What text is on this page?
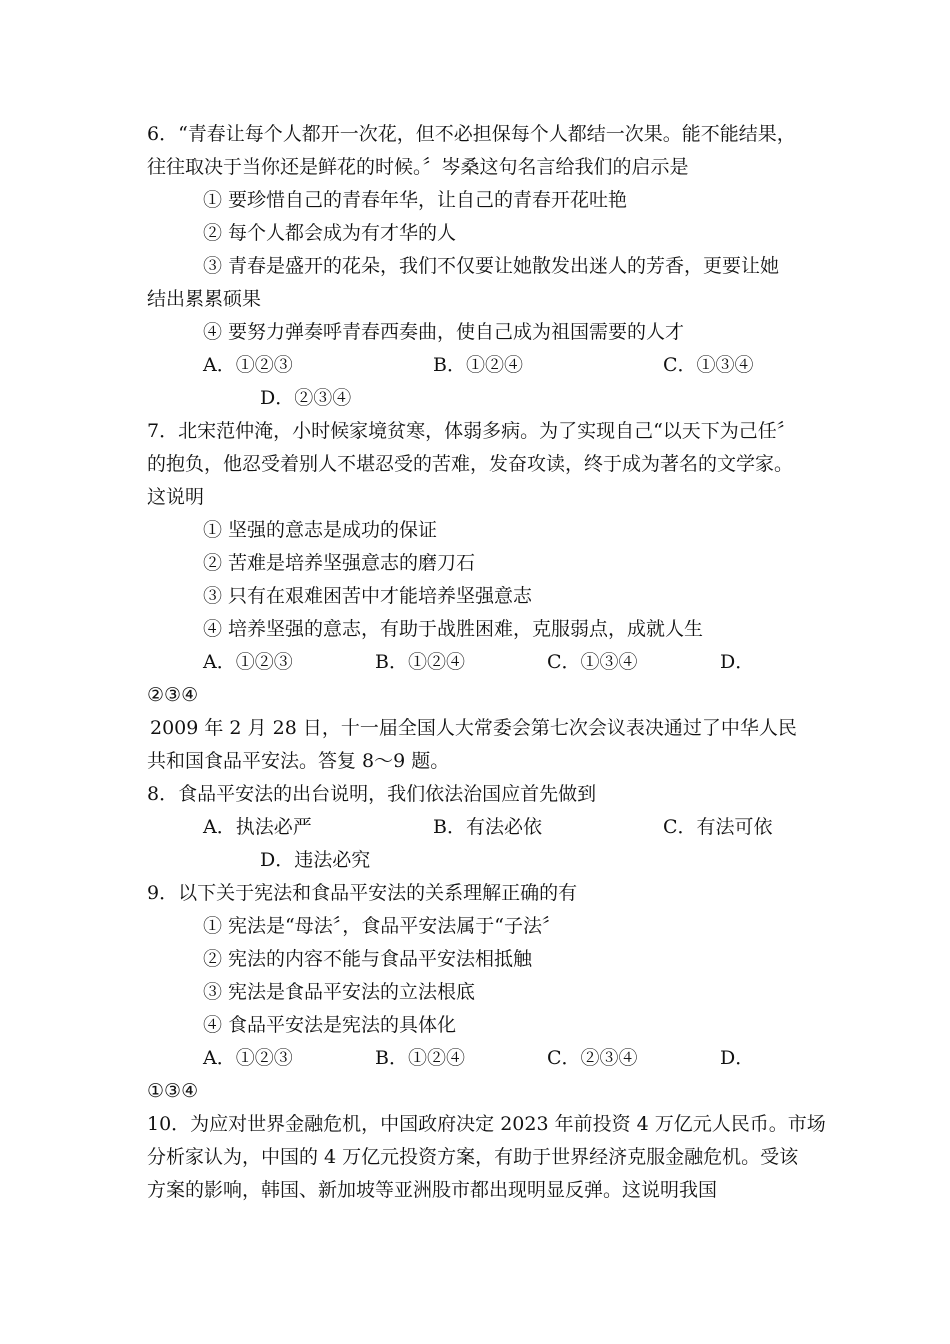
6．“青春让每个人都开一次花，但不必担保每个人都结一次果。能不能结果，
往往取决于当你还是鲜花的时候。〞岑桑这句名言给我们的启示是
① 要珍惜自己的青春年华，让自己的青春开花吐艳
② 每个人都会成为有才华的人
③ 青春是盛开的花朵，我们不仅要让她散发出迷人的芳香，更要让她
结出累累硕果
④ 要努力弹奏呼青春西奏曲，使自己成为祖国需要的人才
A．①②③	B．①②④	C．①③④
D．②③④
7．北宋范仲淹，小时候家境贫寒，体弱多病。为了实现自己“以天下为己任〞
的抱负，他忍受着别人不堪忍受的苦难，发奋攻读，终于成为著名的文学家。
这说明
① 坚强的意志是成功的保证
② 苦难是培养坚强意志的磨刀石
③ 只有在艰难困苦中才能培养坚强意志
④ 培养坚强的意志，有助于战胜困难，克服弱点，成就人生
A．①②③	B．①②④	C．①③④	D．
②③④
2009 年 2 月 28 日，十一届全国人大常委会第七次会议表决通过了中华人民
共和国食品平安法。答复 8～9 题。
8．食品平安法的出台说明，我们依法治国应首先做到
A．执法必严	B．有法必依	C．有法可依
D．违法必究
9．以下关于宪法和食品平安法的关系理解正确的有
① 宪法是“母法〞，食品平安法属于“子法〞
② 宪法的内容不能与食品平安法相抵触
③ 宪法是食品平安法的立法根底
④ 食品平安法是宪法的具体化
A．①②③	B．①②④	C．②③④	D．
①③④
10．为应对世界金融危机，中国政府决定 2023 年前投资 4 万亿元人民币。市场
分析家认为，中国的 4 万亿元投资方案，有助于世界经济克服金融危机。受该
方案的影响，韩国、新加坡等亚洲股市都出现明显反弹。这说明我国
